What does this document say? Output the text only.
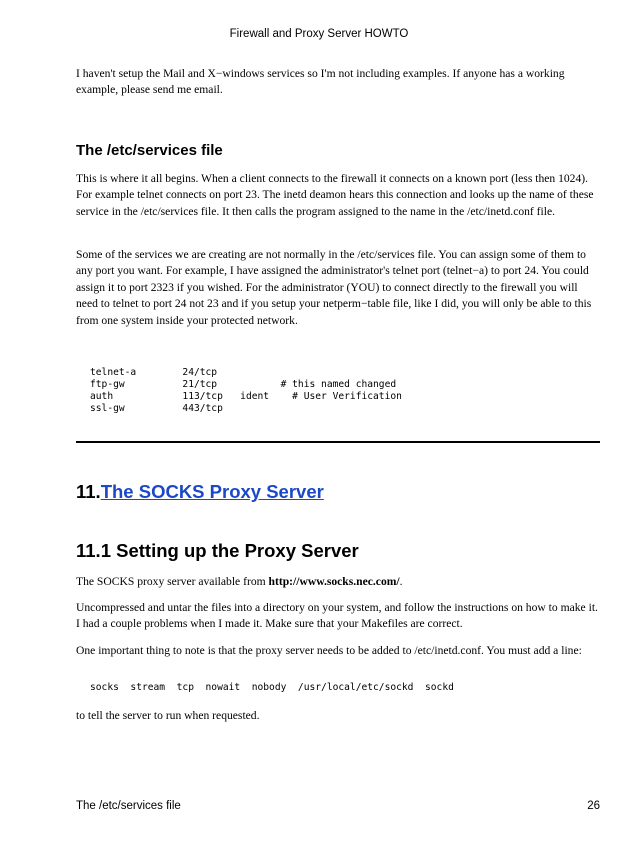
Firewall and Proxy Server HOWTO

I haven't setup the Mail and X−windows services so I'm not including examples. If anyone has a working example, please send me email.

The /etc/services file

This is where it all begins. When a client connects to the firewall it connects on a known port (less then 1024). For example telnet connects on port 23. The inetd deamon hears this connection and looks up the name of these service in the /etc/services file. It then calls the program assigned to the name in the /etc/inetd.conf file.

Some of the services we are creating are not normally in the /etc/services file. You can assign some of them to any port you want. For example, I have assigned the administrator's telnet port (telnet−a) to port 24. You could assign it to port 2323 if you wished. For the administrator (YOU) to connect directly to the firewall you will need to telnet to port 24 not 23 and if you setup your netperm−table file, like I did, you will only be able to this from one system inside your protected network.

telnet-a        24/tcp
ftp-gw          21/tcp           # this named changed
auth            113/tcp   ident    # User Verification
ssl-gw          443/tcp
11.The SOCKS Proxy Server
11.1 Setting up the Proxy Server

The SOCKS proxy server available from http://www.socks.nec.com/.

Uncompressed and untar the files into a directory on your system, and follow the instructions on how to make it. I had a couple problems when I made it. Make sure that your Makefiles are correct.

One important thing to note is that the proxy server needs to be added to /etc/inetd.conf. You must add a line:

socks  stream  tcp  nowait  nobody  /usr/local/etc/sockd  sockd

to tell the server to run when requested.

The /etc/services file	26
